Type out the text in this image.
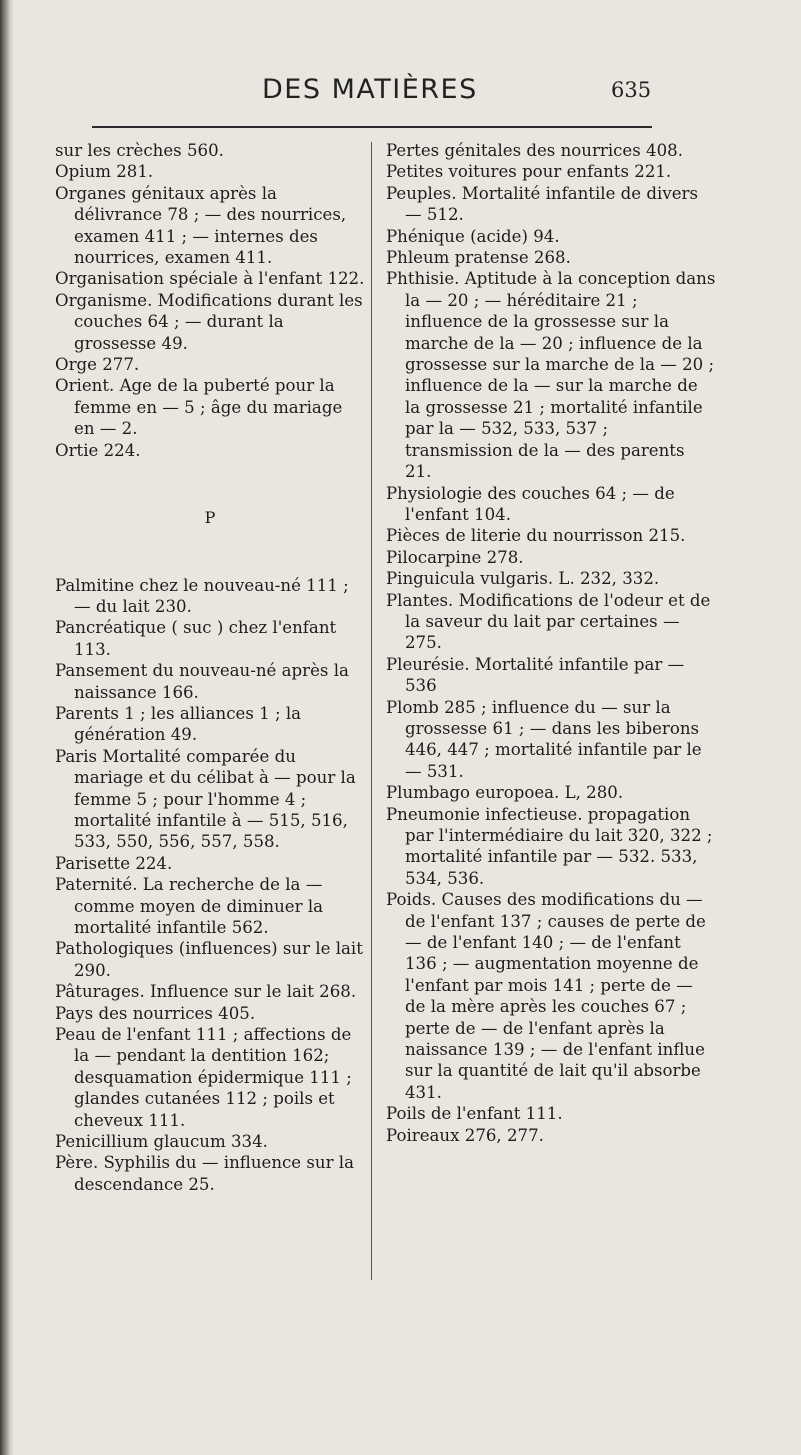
DES MATIÈRES	635

sur les crèches 560.

Opium 281.

Organes génitaux après la délivrance 78 ; — des nourrices, examen 411 ; — internes des nourrices, examen 411.

Organisation spéciale à l'enfant 122.

Organisme. Modifications durant les couches 64 ; — durant la grossesse 49.

Orge 277.

Orient. Age de la puberté pour la femme en — 5 ; âge du mariage en — 2.

Ortie 224.

P

Palmitine chez le nouveau-né 111 ; — du lait 230.

Pancréatique ( suc ) chez l'enfant 113.

Pansement du nouveau-né après la naissance 166.

Parents 1 ; les alliances 1 ; la génération 49.

Paris Mortalité comparée du mariage et du célibat à — pour la femme 5 ; pour l'homme 4 ; mortalité infantile à — 515, 516, 533, 550, 556, 557, 558.

Parisette 224.

Paternité. La recherche de la — comme moyen de diminuer la mortalité infantile 562.

Pathologiques (influences) sur le lait 290.

Pâturages. Influence sur le lait 268.

Pays des nourrices 405.

Peau de l'enfant 111 ; affections de la — pendant la dentition 162; desquamation épidermique 111 ; glandes cutanées 112 ; poils et cheveux 111.

Penicillium glaucum 334.

Père. Syphilis du — influence sur la descendance 25.

Pertes génitales des nourrices 408.

Petites voitures pour enfants 221.

Peuples. Mortalité infantile de divers — 512.

Phénique (acide) 94.

Phleum pratense 268.

Phthisie. Aptitude à la conception dans la — 20 ; — héréditaire 21 ; influence de la grossesse sur la marche de la — 20 ; influence de la grossesse sur la marche de la — 20 ; influence de la — sur la marche de la grossesse 21 ; mortalité infantile par la — 532, 533, 537 ; transmission de la — des parents 21.

Physiologie des couches 64 ; — de l'enfant 104.

Pièces de literie du nourrisson 215.

Pilocarpine 278.

Pinguicula vulgaris. L. 232, 332.

Plantes. Modifications de l'odeur et de la saveur du lait par certaines — 275.

Pleurésie. Mortalité infantile par — 536

Plomb 285 ; influence du — sur la grossesse 61 ; — dans les biberons 446, 447 ; mortalité infantile par le — 531.

Plumbago europoea. L, 280.

Pneumonie infectieuse. propagation par l'intermédiaire du lait 320, 322 ; mortalité infantile par — 532. 533, 534, 536.

Poids. Causes des modifications du — de l'enfant 137 ; causes de perte de — de l'enfant 140 ; — de l'enfant 136 ; — augmentation moyenne de l'enfant par mois 141 ; perte de — de la mère après les couches 67 ; perte de — de l'enfant après la naissance 139 ; — de l'enfant influe sur la quantité de lait qu'il absorbe 431.

Poils de l'enfant 111.

Poireaux 276, 277.
